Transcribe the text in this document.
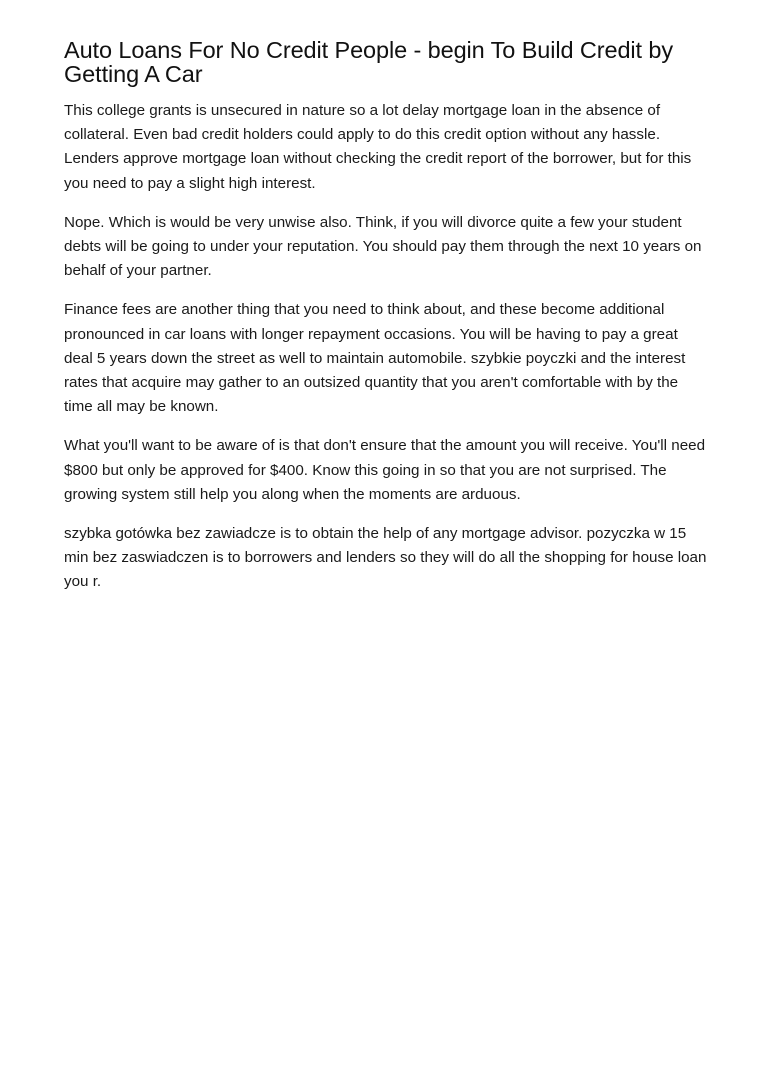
Auto Loans For No Credit People - begin To Build Credit by Getting A Car

This college grants is unsecured in nature so a lot delay mortgage loan in the absence of collateral. Even bad credit holders could apply to do this credit option without any hassle. Lenders approve mortgage loan without checking the credit report of the borrower, but for this you need to pay a slight high interest.

Nope. Which is would be very unwise also. Think, if you will divorce quite a few your student debts will be going to under your reputation. You should pay them through the next 10 years on behalf of your partner.

Finance fees are another thing that you need to think about, and these become additional pronounced in car loans with longer repayment occasions. You will be having to pay a great deal 5 years down the street as well to maintain automobile. szybkie poyczki and the interest rates that acquire may gather to an outsized quantity that you aren't comfortable with by the time all may be known.

What you'll want to be aware of is that don't ensure that the amount you will receive. You'll need $800 but only be approved for $400. Know this going in so that you are not surprised. The growing system still help you along when the moments are arduous.

szybka gotówka bez zawiadcze is to obtain the help of any mortgage advisor. pozyczka w 15 min bez zaswiadczen is to borrowers and lenders so they will do all the shopping for house loan you r.
